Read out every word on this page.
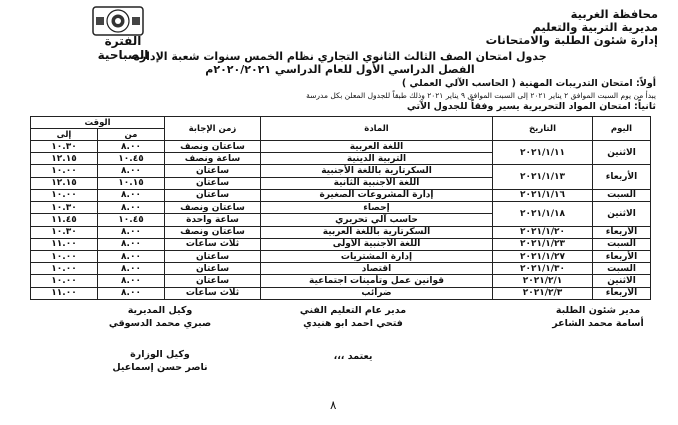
محافظة الغربية
مديرية التربية والتعليم
إدارة شئون الطلبة والامتحانات
الفترة الصباحية
جدول امتحان الصف الثالث الثانوي التجاري نظام الخمس سنوات شعبة الإدارة
الفصل الدراسي الأول للعام الدراسي ٢٠٢٠/٢٠٢١م
أولاً: امتحان التدريبات المهنية ( الحاسب الآلي العملي )
يبدأ من يوم السبت الموافق ٢ يناير ٢٠٢١ إلى السبت الموافق ٩ يناير ٢٠٢١ وذلك طبقاً للجدول المعلن بكل مدرسة
ثانياً: امتحان المواد التحريرية يسير وفقاً للجدول الآتي
اليوم	التاريخ	المادة	زمن الإجابة	الوقت	
				من	إلى
الاثنين	٢٠٢١/١/١١	اللغة العربية	ساعتان ونصف	٨.٠٠	١٠.٣٠
		التربية الدينية	ساعة ونصف	١٠.٤٥	١٢.١٥
الأربعاء	٢٠٢١/١/١٣	السكرتارية باللغة الأجنبية	ساعتان	٨.٠٠	١٠.٠٠
		اللغة الأجنبية الثانية	ساعتان	١٠.١٥	١٢.١٥
السبت	٢٠٢١/١/١٦	إدارة المشروعات الصغيرة	ساعتان	٨.٠٠	١٠.٠٠
الاثنين	٢٠٢١/١/١٨	إحصاء	ساعتان ونصف	٨.٠٠	١٠.٣٠
		حاسب آلي تحريري	ساعة واحدة	١٠.٤٥	١١.٤٥
الأربعاء	٢٠٢١/١/٢٠	السكرتارية باللغة العربية	ساعتان ونصف	٨.٠٠	١٠.٣٠
السبت	٢٠٢١/١/٢٣	اللغة الأجنبية الأولى	ثلاث ساعات	٨.٠٠	١١.٠٠
الأربعاء	٢٠٢١/١/٢٧	إدارة المشتريات	ساعتان	٨.٠٠	١٠.٠٠
السبت	٢٠٢١/١/٣٠	اقتصاد	ساعتان	٨.٠٠	١٠.٠٠
الاثنين	٢٠٢١/٢/١	قوانين عمل وتأمينات اجتماعية	ساعتان	٨.٠٠	١٠.٠٠
الأربعاء	٢٠٢١/٢/٣	ضرائب	ثلاث ساعات	٨.٠٠	١١.٠٠
مدير شئون الطلبة
أسامة محمد الشاعر
مدير عام التعليم الفني
فتحي احمد ابو هنيدي
وكيل المديرية
صبري محمد الدسوقي
يعتمد ،،،
وكيل الوزارة
ناصر حسن إسماعيل
٨
